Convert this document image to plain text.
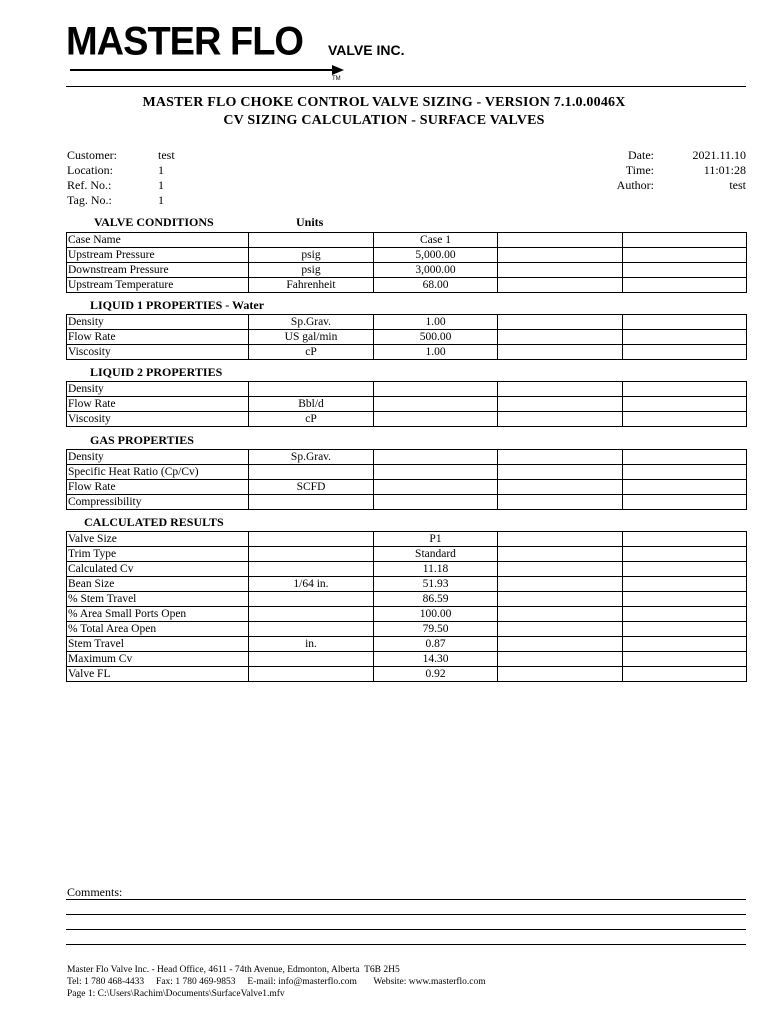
MASTER FLO VALVE INC.
TM
MASTER FLO CHOKE CONTROL VALVE SIZING - VERSION 7.1.0.0046X
CV SIZING CALCULATION - SURFACE VALVES
Customer:	test
Location:	1
Ref. No.:	1
Tag. No.:	1
Date:	2021.11.10
Time:	11:01:28
Author:	test
VALVE CONDITIONS	Units
Case Name		Case 1		
Upstream Pressure	psig	5,000.00		
Downstream Pressure	psig	3,000.00		
Upstream Temperature	Fahrenheit	68.00		
LIQUID 1 PROPERTIES - Water
Density	Sp.Grav.	1.00		
Flow Rate	US gal/min	500.00		
Viscosity	cP	1.00		
LIQUID 2 PROPERTIES
Density				
Flow Rate	Bbl/d			
Viscosity	cP			
GAS PROPERTIES
Density	Sp.Grav.			
Specific Heat Ratio (Cp/Cv)				
Flow Rate	SCFD			
Compressibility				
CALCULATED RESULTS
Valve Size		P1		
Trim Type		Standard		
Calculated Cv		11.18		
Bean Size	1/64 in.	51.93		
% Stem Travel		86.59		
% Area Small Ports Open		100.00		
% Total Area Open		79.50		
Stem Travel	in.	0.87		
Maximum Cv		14.30		
Valve FL		0.92		
Comments:
Master Flo Valve Inc. - Head Office, 4611 - 74th Avenue, Edmonton, Alberta  T6B 2H5
Tel: 1 780 468-4433     Fax: 1 780 469-9853     E-mail: info@masterflo.com       Website: www.masterflo.com
Page 1: C:\Users\Rachim\Documents\SurfaceValve1.mfv
